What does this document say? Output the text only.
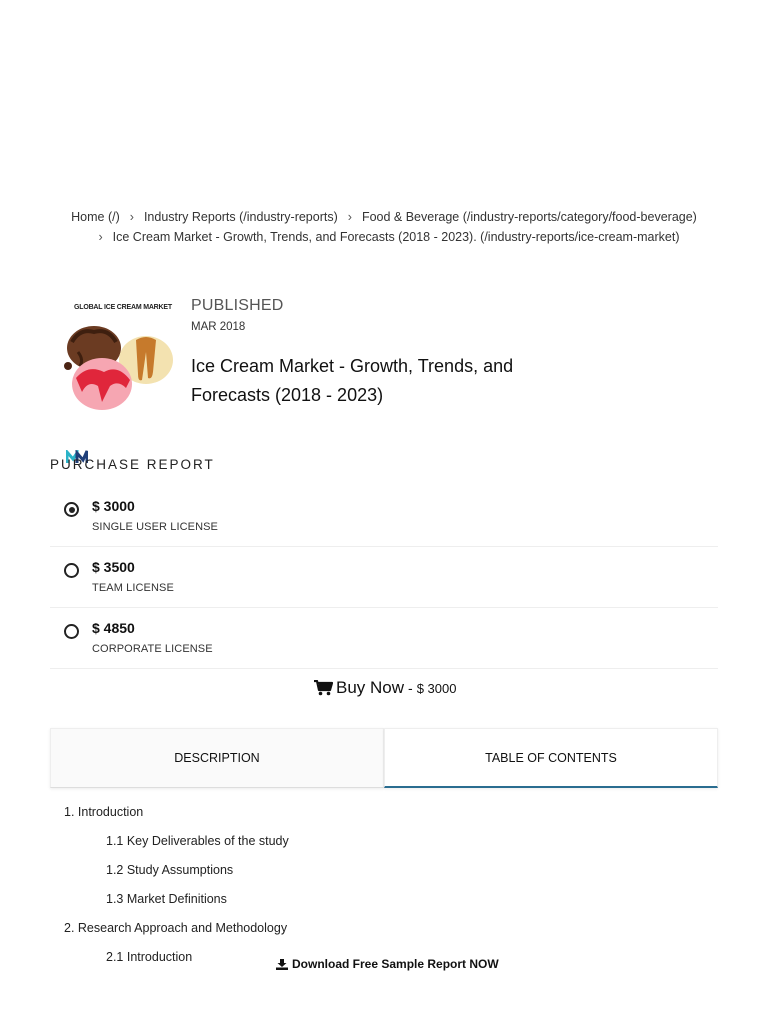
Home (/) › Industry Reports (/industry-reports) › Food & Beverage (/industry-reports/category/food-beverage)› Ice Cream Market - Growth, Trends, and Forecasts (2018 - 2023). (/industry-reports/ice-cream-market)
GLOBAL ICE CREAM MARKET PUBLISHED
MAR 2018
Ice Cream Market - Growth, Trends, and Forecasts (2018 - 2023)
PURCHASE REPORT
$ 3000
SINGLE USER LICENSE
$ 3500
TEAM LICENSE
$ 4850
CORPORATE LICENSE
Buy Now - $ 3000
DESCRIPTION	TABLE OF CONTENTS
1. Introduction
1.1 Key Deliverables of the study
1.2 Study Assumptions
1.3 Market Definitions
2. Research Approach and Methodology
2.1 Introduction	Download Free Sample Report NOW
